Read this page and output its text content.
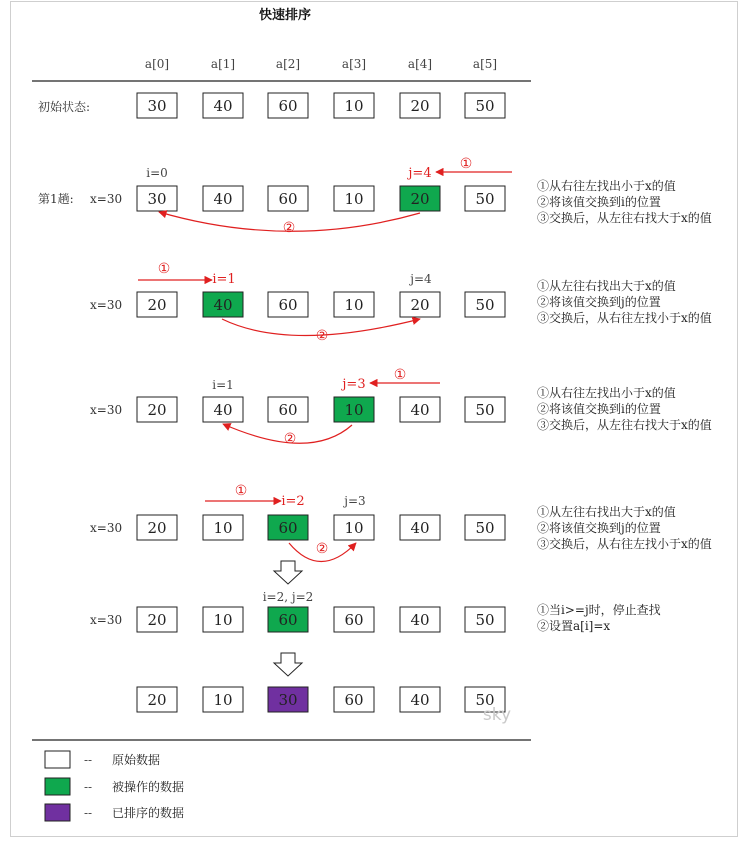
快速排序
a[0]	a[1]	a[2]	a[3]	a[4]	a[5]
30	40	60	10	20	50
30	40	60	10	20	50
20	40	60	10	20	50
20	40	60	10	40	50
20	10	60	10	40	50
20	10	60	60	40	50
20	10	30	60	40	50
初始状态:
第1趟: x=30
x=30
x=30
x=30
x=30
i=0	j=4
①
②
①
i=1	j=4
②
i=1	j=3
①
②
①
i=2	j=3
②
i=2, j=2
①从右往左找出小于x的值
②将该值交换到i的位置
③交换后，从左往右找大于x的值
①从左往右找出大于x的值
②将该值交换到j的位置
③交换后，从右往左找小于x的值
①从右往左找出小于x的值
②将该值交换到i的位置
③交换后，从左往右找大于x的值
①从左往右找出大于x的值
②将该值交换到j的位置
③交换后，从右往左找小于x的值
①当i>=j时，停止查找
②设置a[i]=x
sky
-- 原始数据
-- 被操作的数据
-- 已排序的数据
